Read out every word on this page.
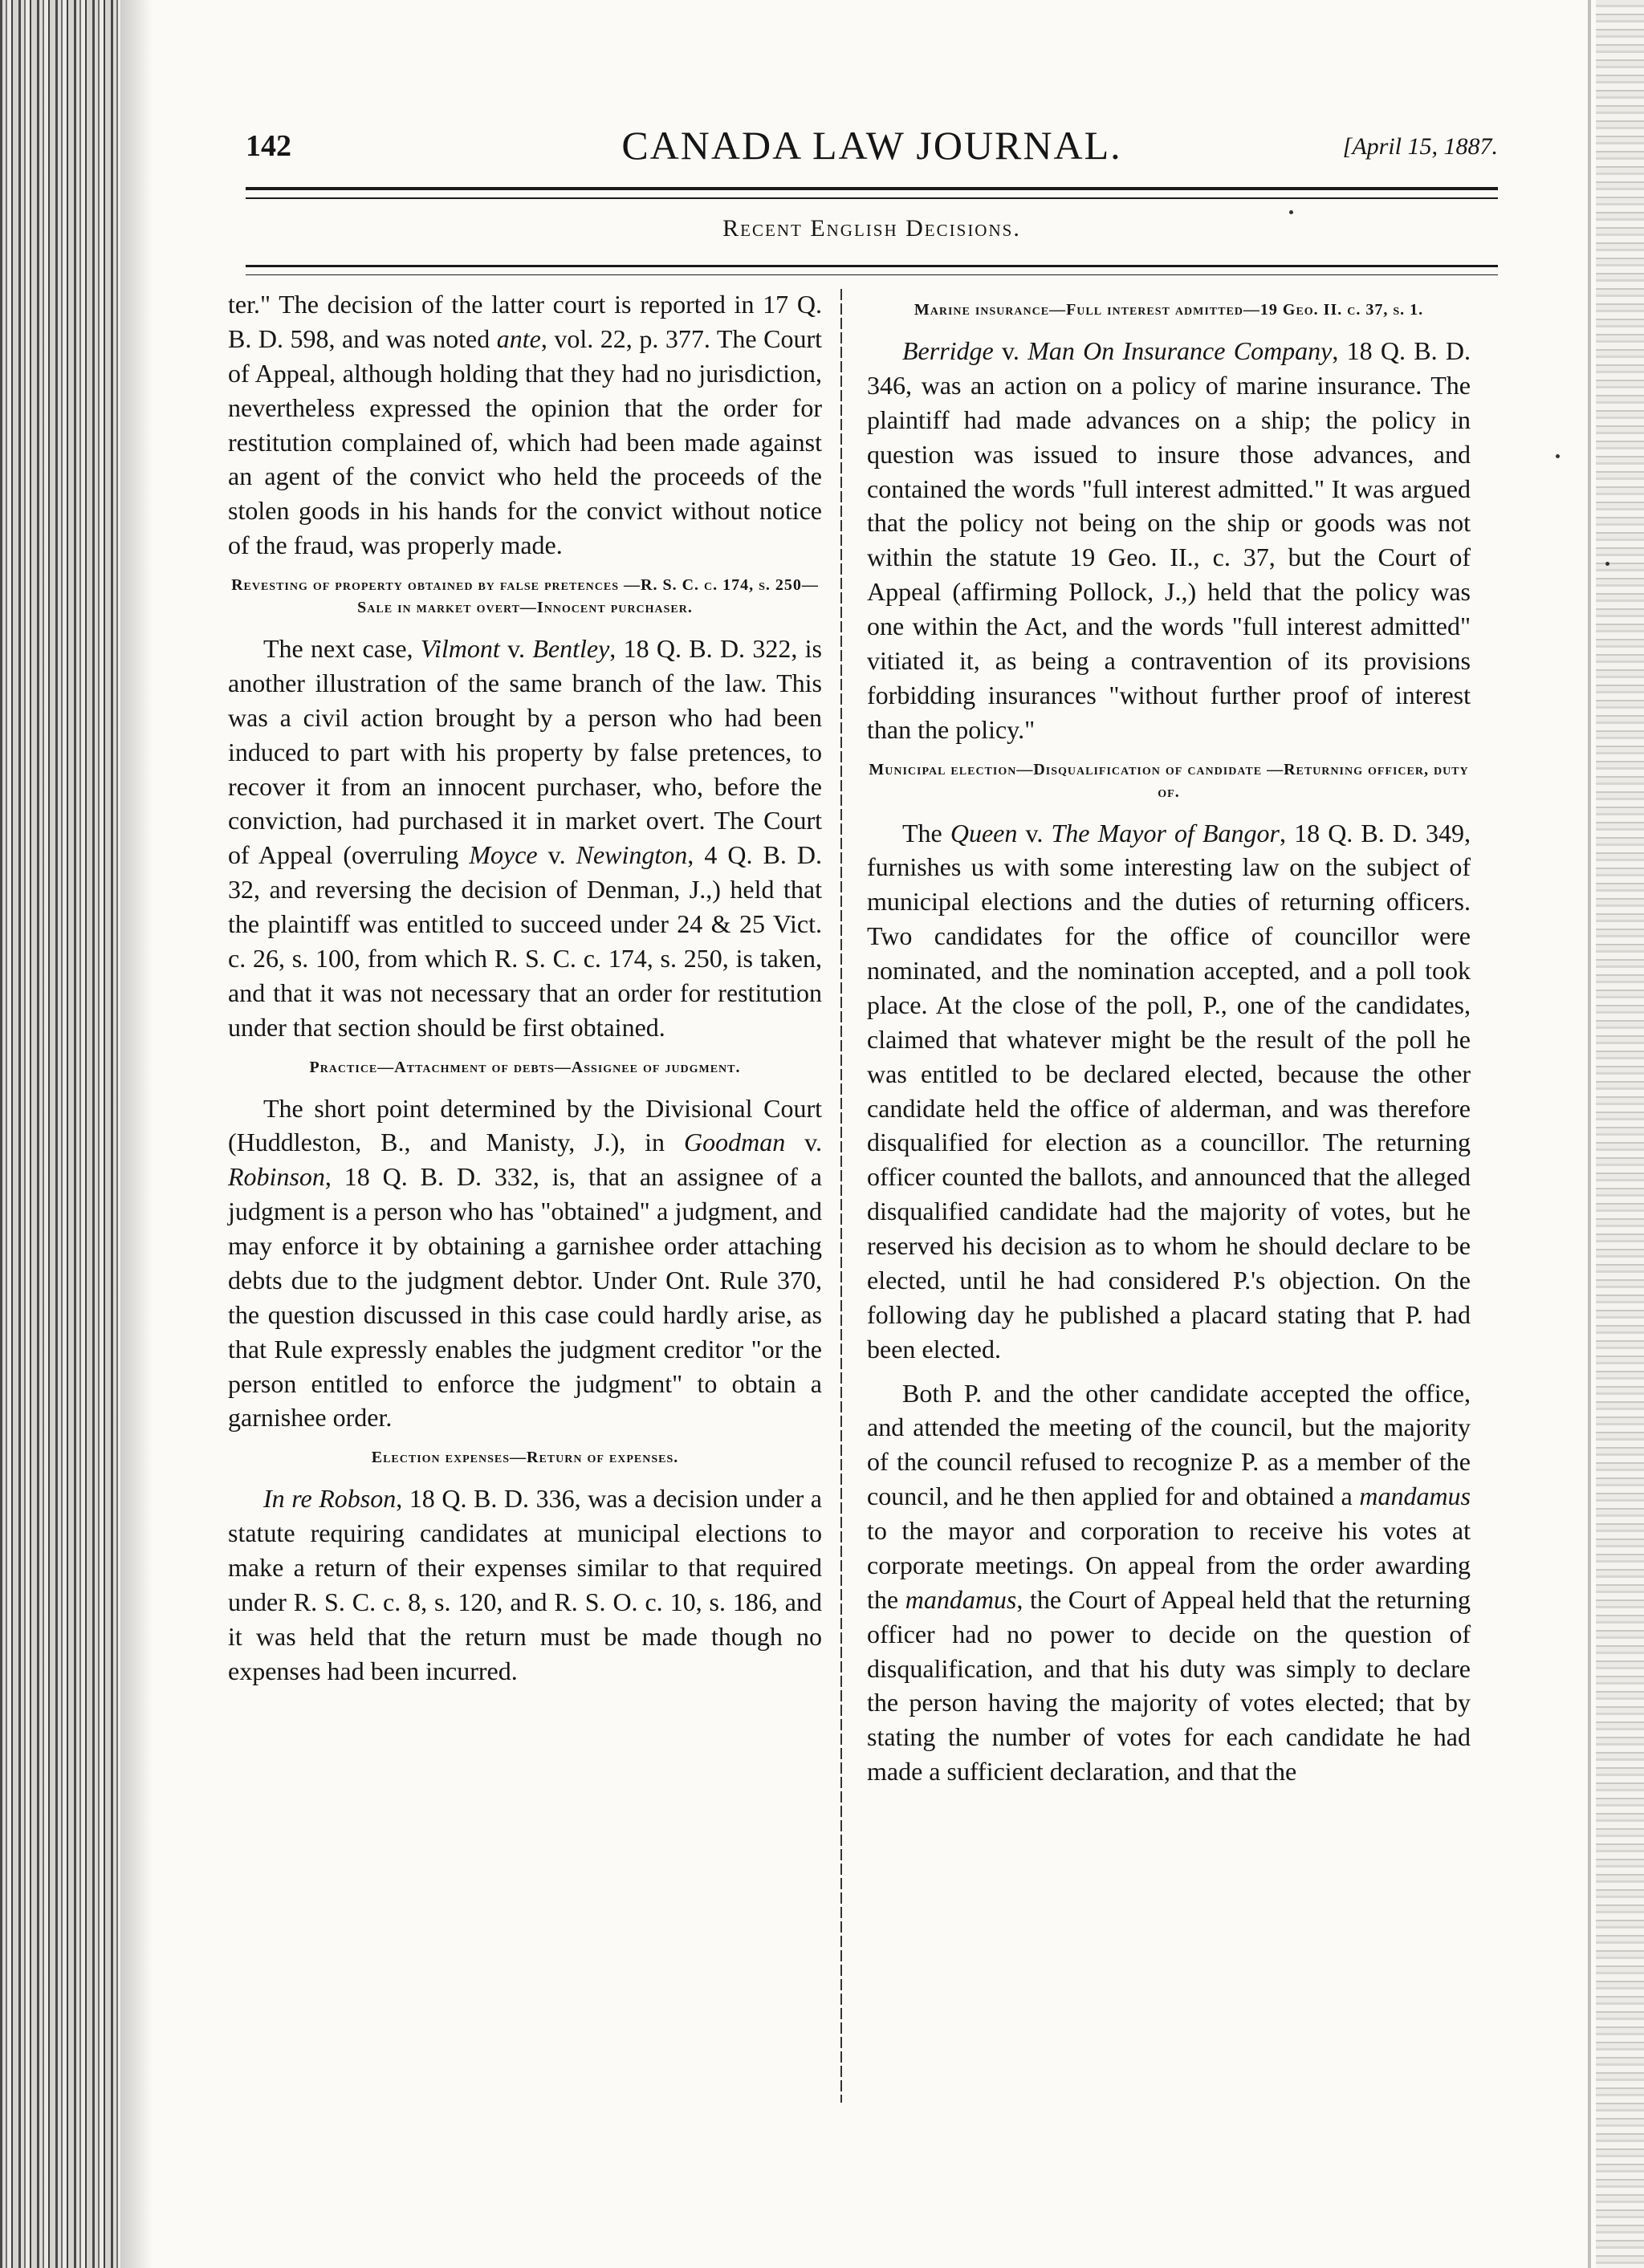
142	CANADA LAW JOURNAL.	[April 15, 1887.
Recent English Decisions.

ter." The decision of the latter court is reported in 17 Q. B. D. 598, and was noted ante, vol. 22, p. 377. The Court of Appeal, although holding that they had no jurisdiction, nevertheless expressed the opinion that the order for restitution complained of, which had been made against an agent of the convict who held the proceeds of the stolen goods in his hands for the convict without notice of the fraud, was properly made.

Revesting of property obtained by false pretences —R. S. C. c. 174, s. 250—Sale in market overt—Innocent purchaser.

The next case, Vilmont v. Bentley, 18 Q. B. D. 322, is another illustration of the same branch of the law. This was a civil action brought by a person who had been induced to part with his property by false pretences, to recover it from an innocent purchaser, who, before the conviction, had purchased it in market overt. The Court of Appeal (overruling Moyce v. Newington, 4 Q. B. D. 32, and reversing the decision of Denman, J.,) held that the plaintiff was entitled to succeed under 24 & 25 Vict. c. 26, s. 100, from which R. S. C. c. 174, s. 250, is taken, and that it was not necessary that an order for restitution under that section should be first obtained.

Practice—Attachment of debts—Assignee of judgment.

The short point determined by the Divisional Court (Huddleston, B., and Manisty, J.), in Goodman v. Robinson, 18 Q. B. D. 332, is, that an assignee of a judgment is a person who has "obtained" a judgment, and may enforce it by obtaining a garnishee order attaching debts due to the judgment debtor. Under Ont. Rule 370, the question discussed in this case could hardly arise, as that Rule expressly enables the judgment creditor "or the person entitled to enforce the judgment" to obtain a garnishee order.

Election expenses—Return of expenses.

In re Robson, 18 Q. B. D. 336, was a decision under a statute requiring candidates at municipal elections to make a return of their expenses similar to that required under R. S. C. c. 8, s. 120, and R. S. O. c. 10, s. 186, and it was held that the return must be made though no expenses had been incurred.

Marine insurance—Full interest admitted—19 Geo. II. c. 37, s. 1.

Berridge v. Man On Insurance Company, 18 Q. B. D. 346, was an action on a policy of marine insurance. The plaintiff had made advances on a ship; the policy in question was issued to insure those advances, and contained the words "full interest admitted." It was argued that the policy not being on the ship or goods was not within the statute 19 Geo. II., c. 37, but the Court of Appeal (affirming Pollock, J.,) held that the policy was one within the Act, and the words "full interest admitted" vitiated it, as being a contravention of its provisions forbidding insurances "without further proof of interest than the policy."

Municipal election—Disqualification of candidate —Returning officer, duty of.

The Queen v. The Mayor of Bangor, 18 Q. B. D. 349, furnishes us with some interesting law on the subject of municipal elections and the duties of returning officers. Two candidates for the office of councillor were nominated, and the nomination accepted, and a poll took place. At the close of the poll, P., one of the candidates, claimed that whatever might be the result of the poll he was entitled to be declared elected, because the other candidate held the office of alderman, and was therefore disqualified for election as a councillor. The returning officer counted the ballots, and announced that the alleged disqualified candidate had the majority of votes, but he reserved his decision as to whom he should declare to be elected, until he had considered P.'s objection. On the following day he published a placard stating that P. had been elected.

Both P. and the other candidate accepted the office, and attended the meeting of the council, but the majority of the council refused to recognize P. as a member of the council, and he then applied for and obtained a mandamus to the mayor and corporation to receive his votes at corporate meetings. On appeal from the order awarding the mandamus, the Court of Appeal held that the returning officer had no power to decide on the question of disqualification, and that his duty was simply to declare the person having the majority of votes elected; that by stating the number of votes for each candidate he had made a sufficient declaration, and that the
